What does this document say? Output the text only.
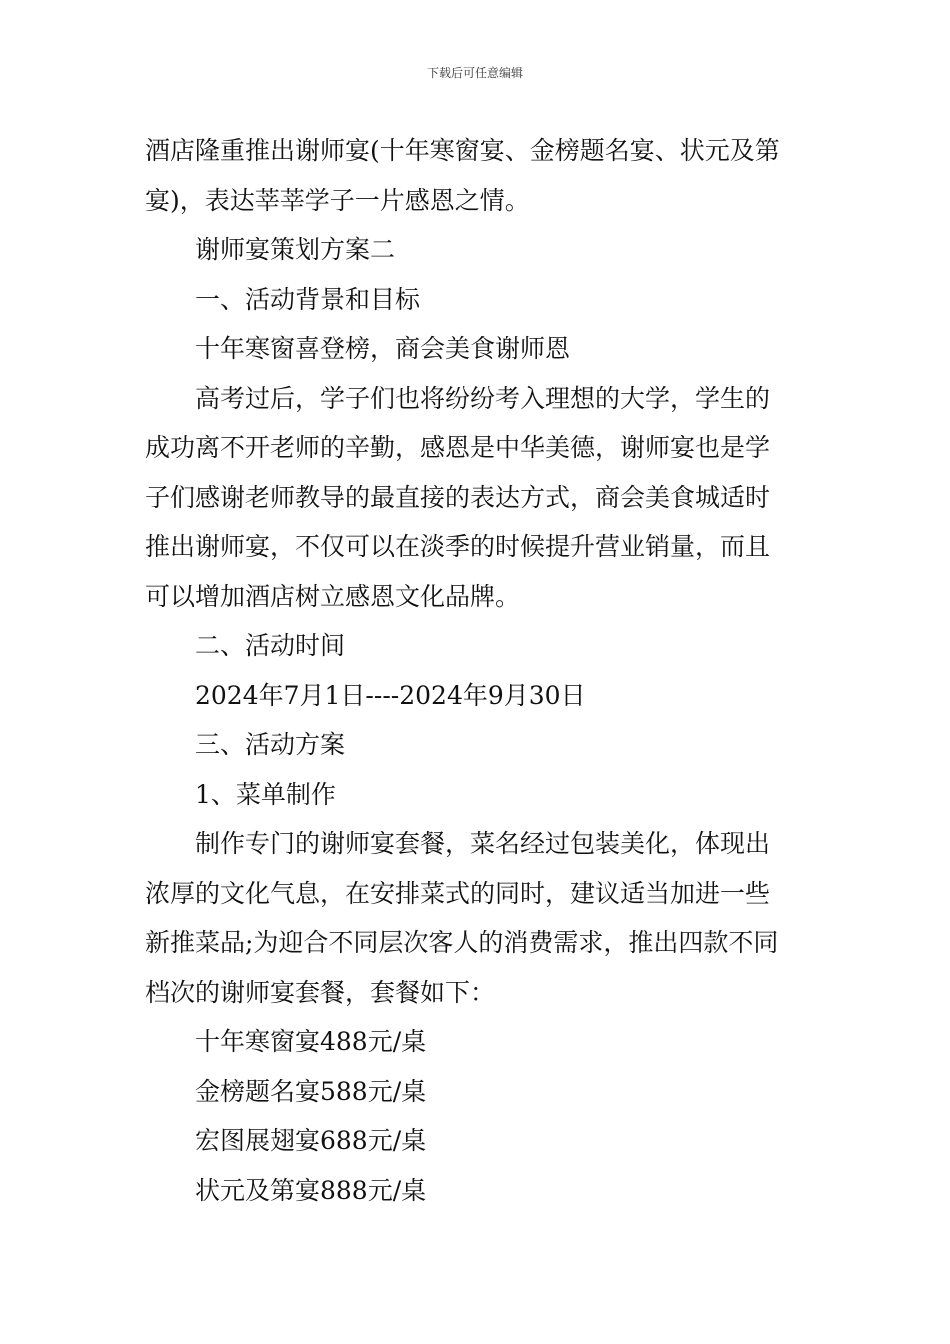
下载后可任意编辑
酒店隆重推出谢师宴(十年寒窗宴、金榜题名宴、状元及第
宴)，表达莘莘学子一片感恩之情。
谢师宴策划方案二
一、活动背景和目标
十年寒窗喜登榜，商会美食谢师恩
高考过后，学子们也将纷纷考入理想的大学，学生的
成功离不开老师的辛勤，感恩是中华美德，谢师宴也是学
子们感谢老师教导的最直接的表达方式，商会美食城适时
推出谢师宴，不仅可以在淡季的时候提升营业销量，而且
可以增加酒店树立感恩文化品牌。
二、活动时间
2024年7月1日----2024年9月30日
三、活动方案
1、菜单制作
制作专门的谢师宴套餐，菜名经过包装美化，体现出
浓厚的文化气息，在安排菜式的同时，建议适当加进一些
新推菜品;为迎合不同层次客人的消费需求，推出四款不同
档次的谢师宴套餐，套餐如下：
十年寒窗宴488元/桌
金榜题名宴588元/桌
宏图展翅宴688元/桌
状元及第宴888元/桌
